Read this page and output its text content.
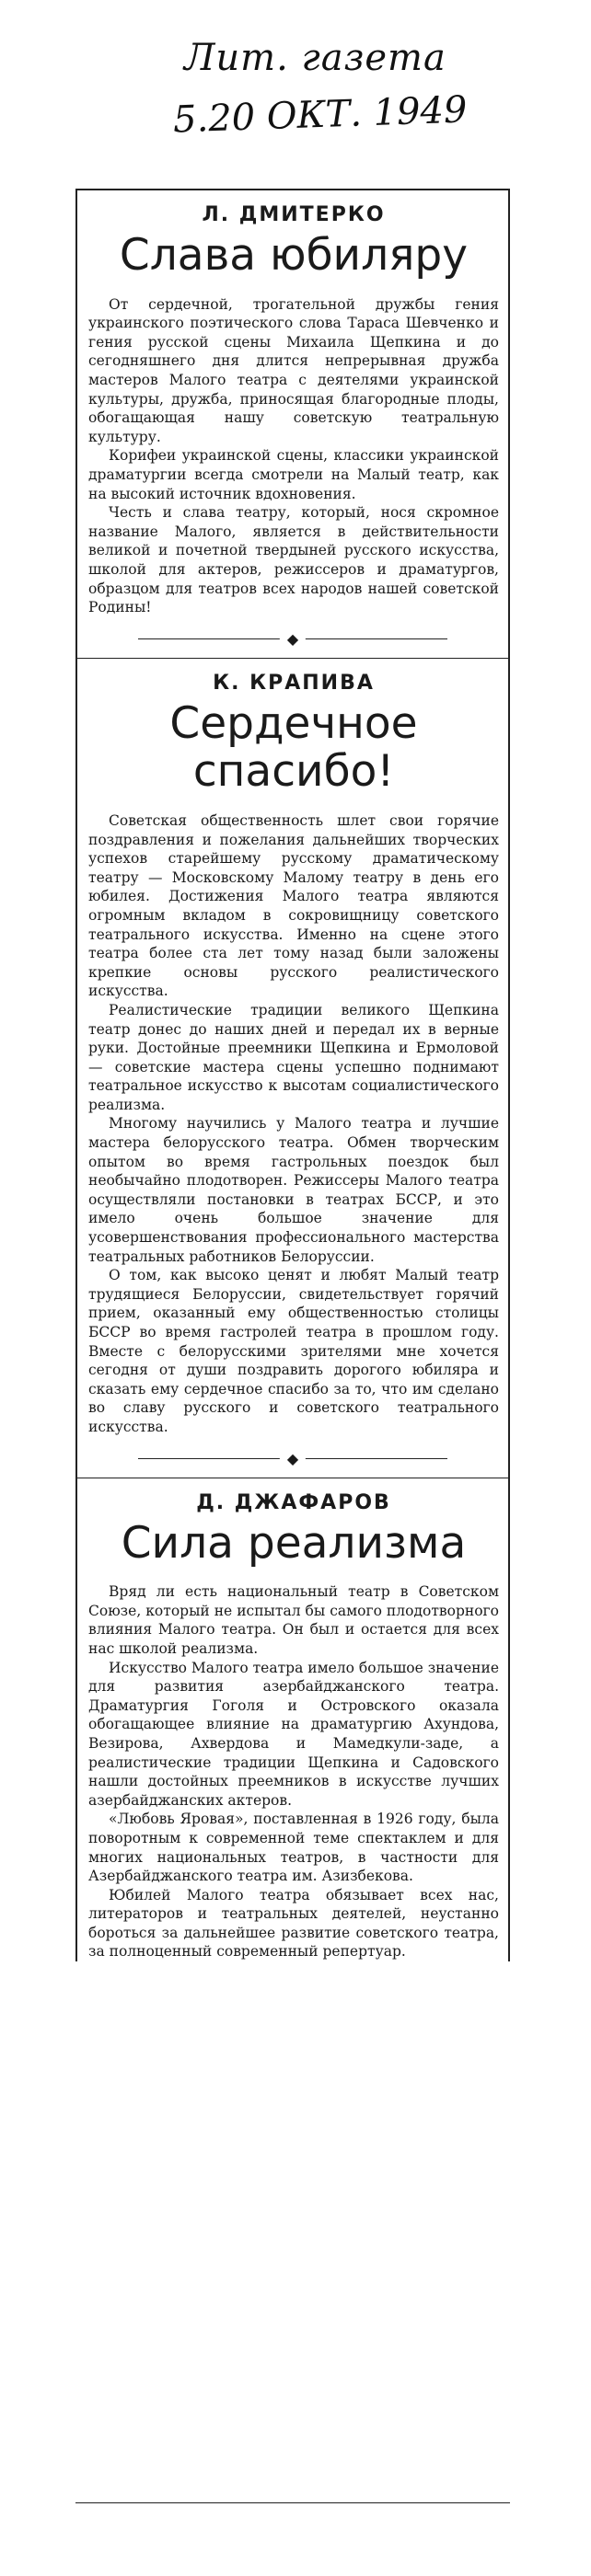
Лит. газета
5.20 ОКТ. 1949
Л. ДМИТЕРКО
Слава юбиляру

От сердечной, трогательной дружбы гения украинского поэтического слова Тараса Шевченко и гения русской сцены Михаила Щепкина и до сегодняшнего дня длится непрерывная дружба мастеров Малого театра с деятелями украинской культуры, дружба, приносящая благородные плоды, обогащающая нашу советскую театральную культуру.

Корифеи украинской сцены, классики украинской драматургии всегда смотрели на Малый театр, как на высокий источник вдохновения.

Честь и слава театру, который, нося скромное название Малого, является в действительности великой и почетной твердыней русского искусства, школой для актеров, режиссеров и драматургов, образцом для театров всех народов нашей советской Родины!

◆
К. КРАПИВА
Сердечное
спасибо!

Советская общественность шлет свои горячие поздравления и пожелания дальнейших творческих успехов старейшему русскому драматическому театру — Московскому Малому театру в день его юбилея. Достижения Малого театра являются огромным вкладом в сокровищницу советского театрального искусства. Именно на сцене этого театра более ста лет тому назад были заложены крепкие основы русского реалистического искусства.

Реалистические традиции великого Щепкина театр донес до наших дней и передал их в верные руки. Достойные преемники Щепкина и Ермоловой — советские мастера сцены успешно поднимают театральное искусство к высотам социалистического реализма.

Многому научились у Малого театра и лучшие мастера белорусского театра. Обмен творческим опытом во время гастрольных поездок был необычайно плодотворен. Режиссеры Малого театра осуществляли постановки в театрах БССР, и это имело очень большое значение для усовершенствования профессионального мастерства театральных работников Белоруссии.

О том, как высоко ценят и любят Малый театр трудящиеся Белоруссии, свидетельствует горячий прием, оказанный ему общественностью столицы БССР во время гастролей театра в прошлом году. Вместе с белорусскими зрителями мне хочется сегодня от души поздравить дорогого юбиляра и сказать ему сердечное спасибо за то, что им сделано во славу русского и советского театрального искусства.

◆
Д. ДЖАФАРОВ
Сила реализма

Вряд ли есть национальный театр в Советском Союзе, который не испытал бы самого плодотворного влияния Малого театра. Он был и остается для всех нас школой реализма.

Искусство Малого театра имело большое значение для развития азербайджанского театра. Драматургия Гоголя и Островского оказала обогащающее влияние на драматургию Ахундова, Везирова, Ахвердова и Мамедкули-заде, а реалистические традиции Щепкина и Садовского нашли достойных преемников в искусстве лучших азербайджанских актеров.

«Любовь Яровая», поставленная в 1926 году, была поворотным к современной теме спектаклем и для многих национальных театров, в частности для Азербайджанского театра им. Азизбекова.

Юбилей Малого театра обязывает всех нас, литераторов и театральных деятелей, неустанно бороться за дальнейшее развитие советского театра, за полноценный современный репертуар.
